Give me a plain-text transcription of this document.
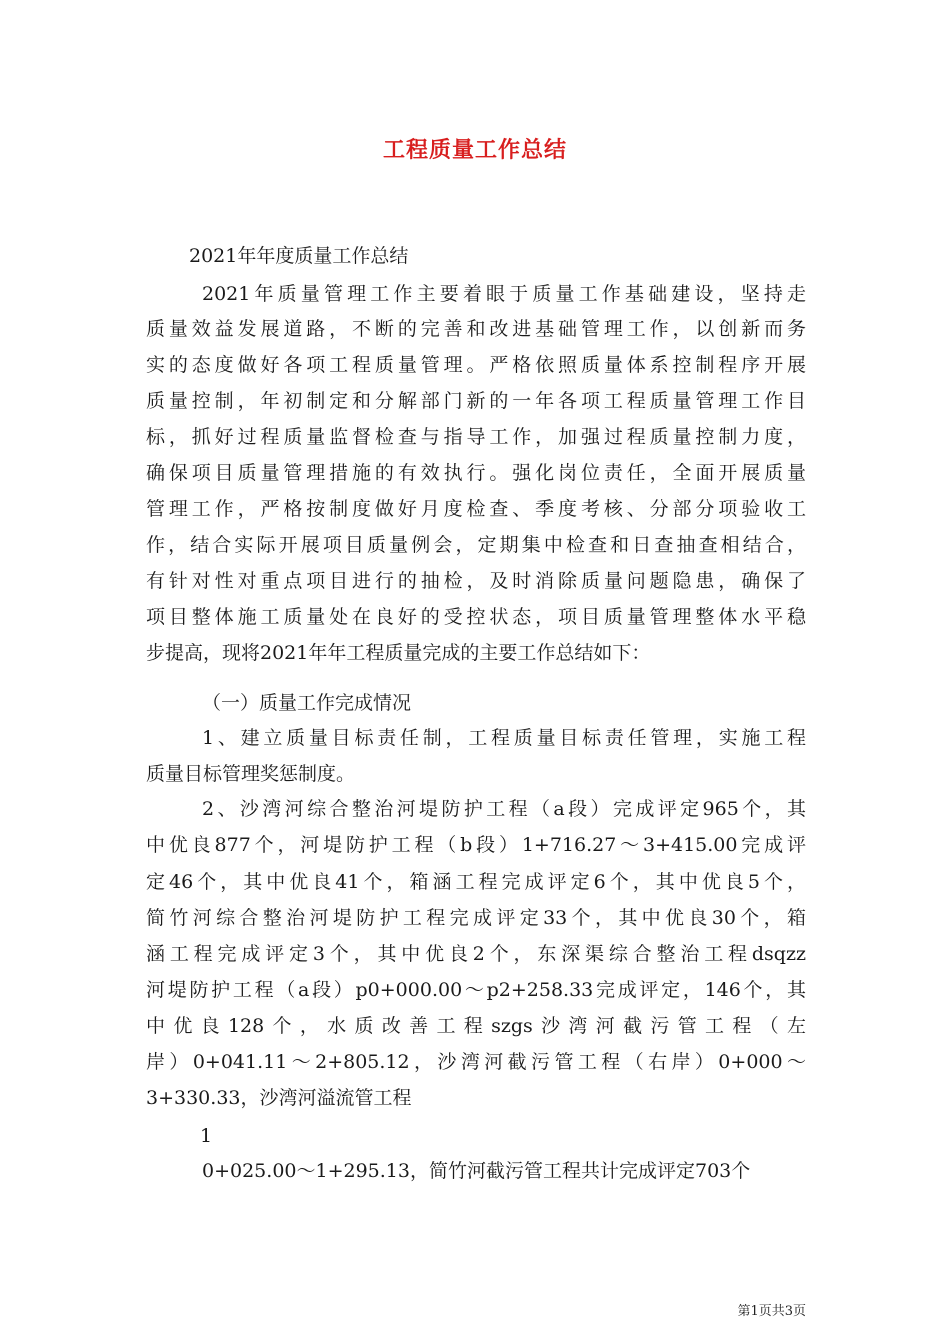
工程质量工作总结
2021年年度质量工作总结
2021年质量管理工作主要着眼于质量工作基础建设，坚持走
质量效益发展道路，不断的完善和改进基础管理工作，以创新而务
实的态度做好各项工程质量管理。严格依照质量体系控制程序开展
质量控制，年初制定和分解部门新的一年各项工程质量管理工作目
标，抓好过程质量监督检查与指导工作，加强过程质量控制力度，
确保项目质量管理措施的有效执行。强化岗位责任，全面开展质量
管理工作，严格按制度做好月度检查、季度考核、分部分项验收工
作，结合实际开展项目质量例会，定期集中检查和日查抽查相结合，
有针对性对重点项目进行的抽检，及时消除质量问题隐患，确保了
项目整体施工质量处在良好的受控状态，项目质量管理整体水平稳
步提高，现将2021年年工程质量完成的主要工作总结如下：
（一）质量工作完成情况
1、建立质量目标责任制，工程质量目标责任管理，实施工程
质量目标管理奖惩制度。
2、沙湾河综合整治河堤防护工程（a段）完成评定965个，其
中优良877个，河堤防护工程（b段）1+716.27～3+415.00完成评
定46个，其中优良41个，箱涵工程完成评定6个，其中优良5个，
简竹河综合整治河堤防护工程完成评定33个，其中优良30个，箱
涵工程完成评定3个，其中优良2个，东深渠综合整治工程dsqzz
河堤防护工程（a段）p0+000.00～p2+258.33完成评定，146个，其
中优良128个，水质改善工程szgs沙湾河截污管工程（左
岸）0+041.11～2+805.12，沙湾河截污管工程（右岸）0+000～
3+330.33，沙湾河溢流管工程
1
0+025.00～1+295.13，简竹河截污管工程共计完成评定703个
第1页共3页
